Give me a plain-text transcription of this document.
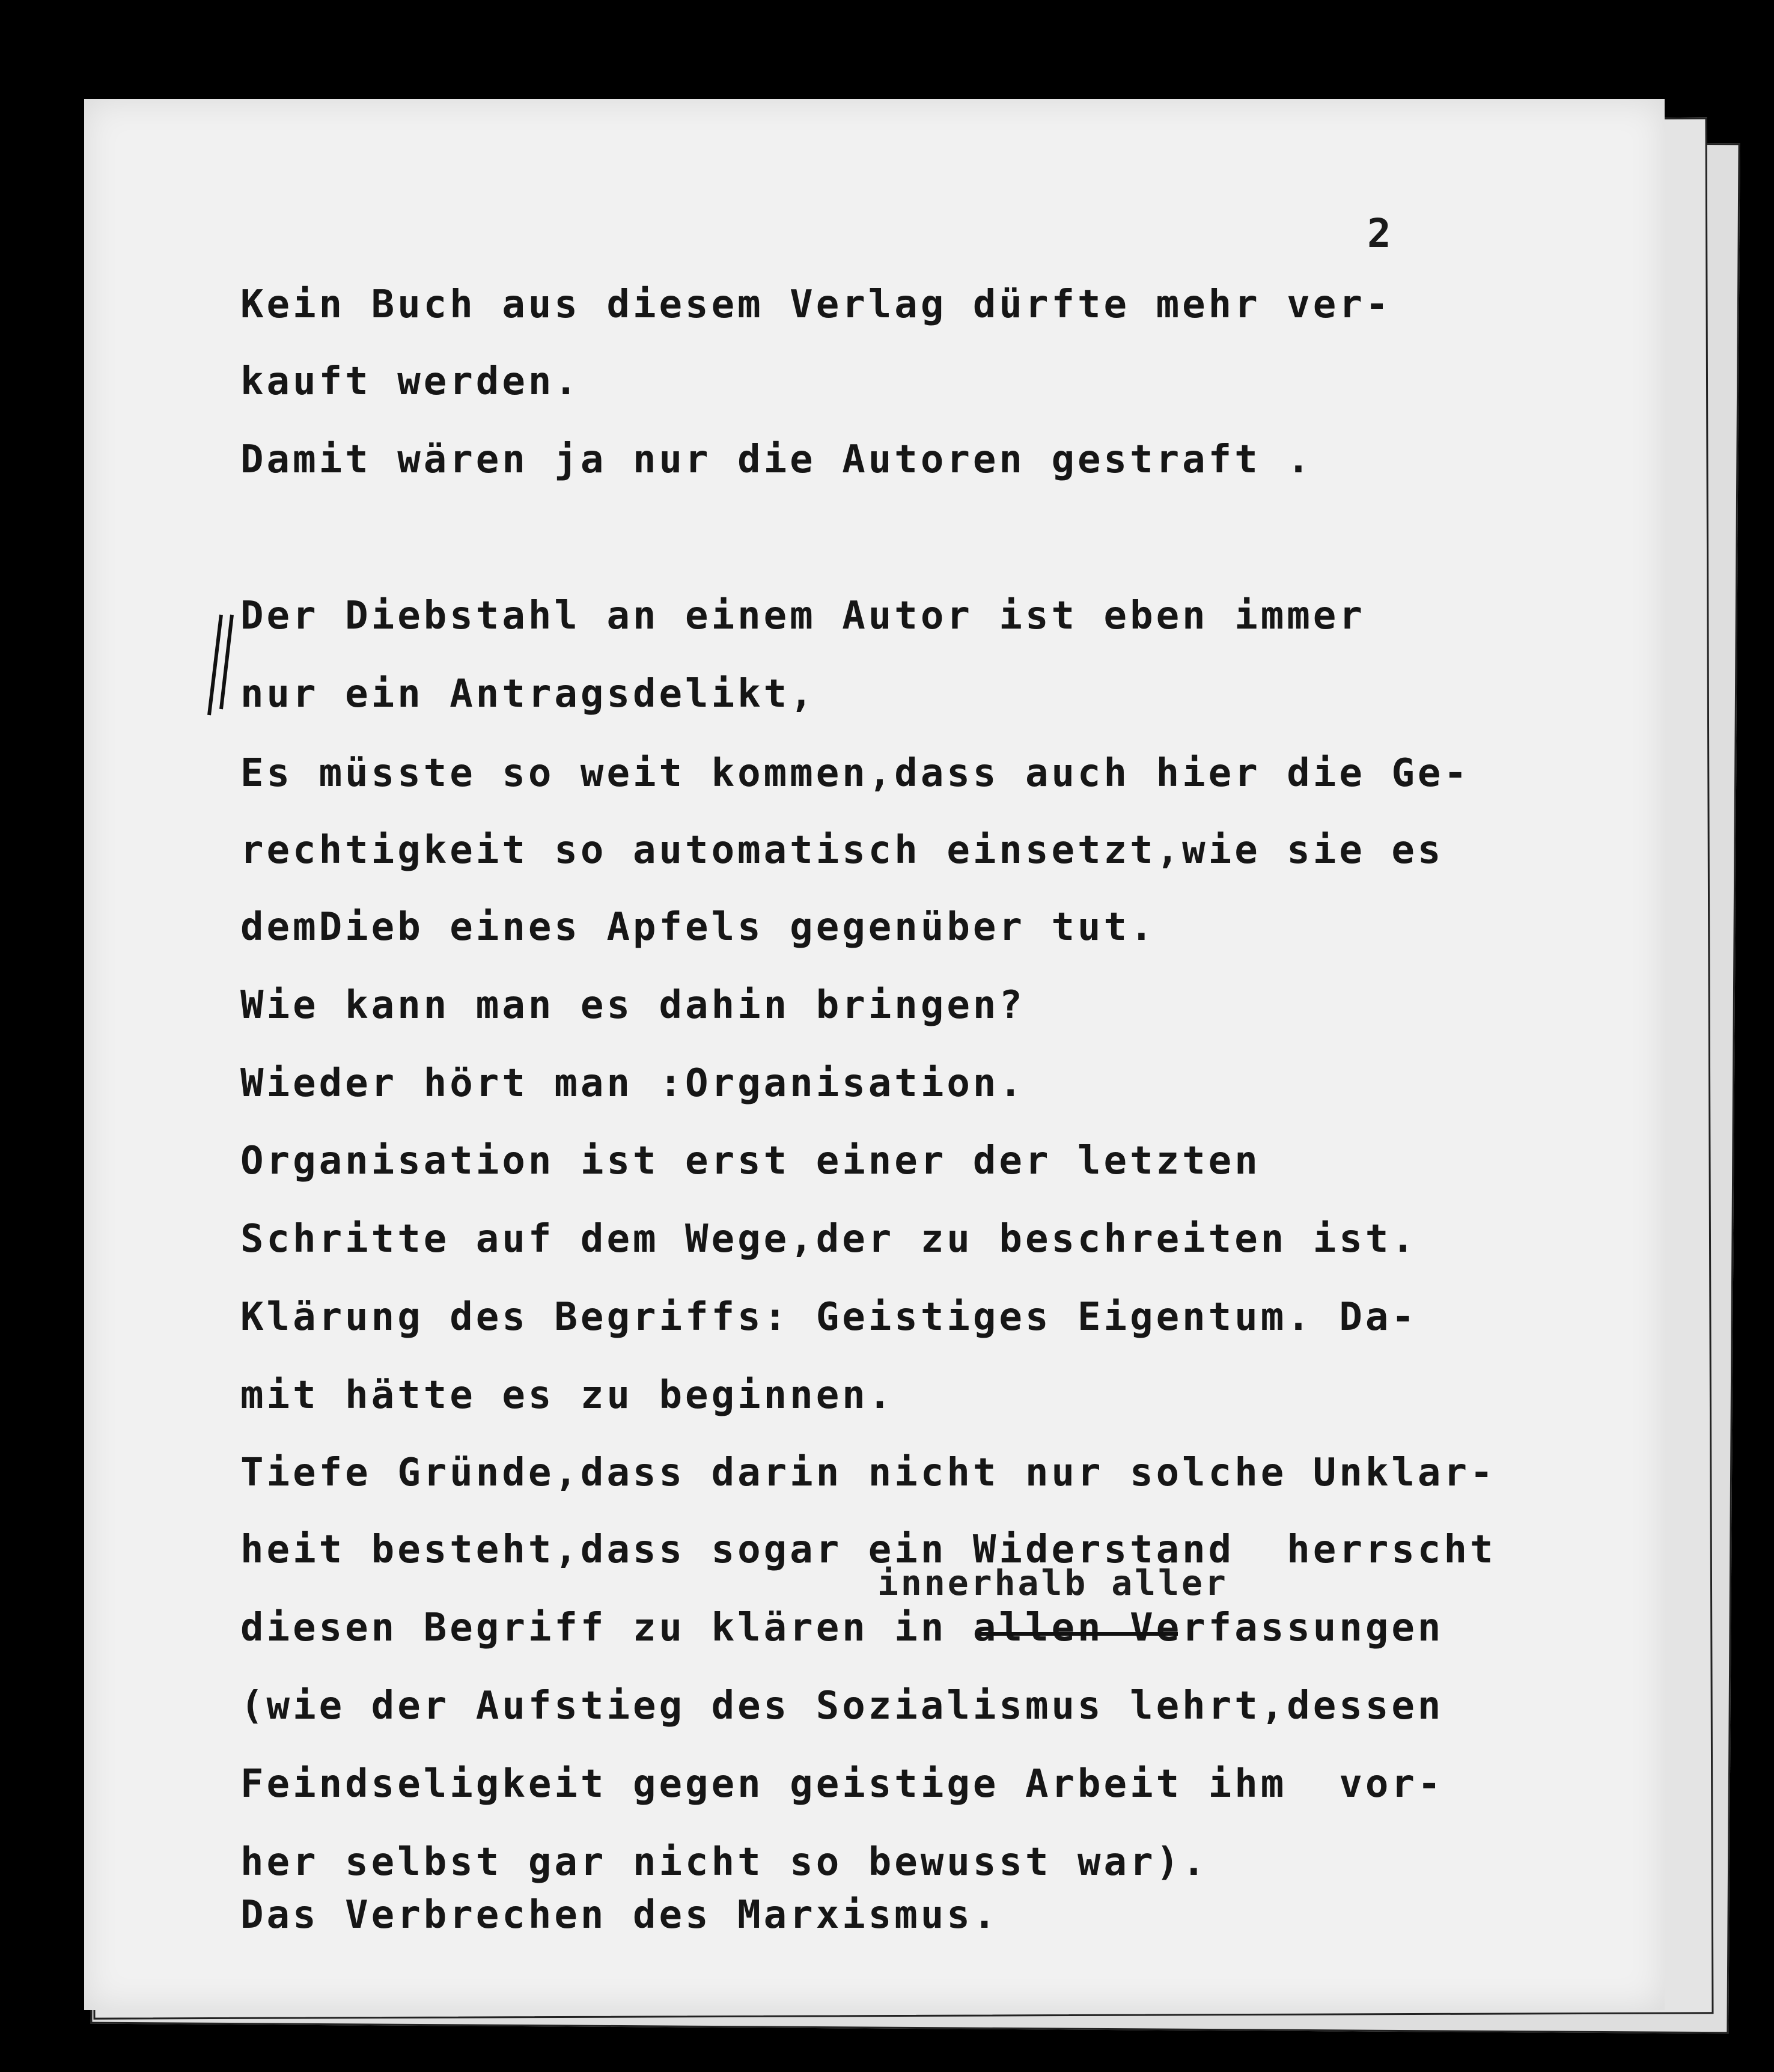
2
Kein Buch aus diesem Verlag dürfte mehr ver-
kauft werden.
Damit wären ja nur die Autoren gestraft .
Der Diebstahl an einem Autor ist eben immer
nur ein Antragsdelikt,
Es müsste so weit kommen,dass auch hier die Ge-
rechtigkeit so automatisch einsetzt,wie sie es
demDieb eines Apfels gegenüber tut.
Wie kann man es dahin bringen?
Wieder hört man :Organisation.
Organisation ist erst einer der letzten
Schritte auf dem Wege,der zu beschreiten ist.
Klärung des Begriffs: Geistiges Eigentum. Da-
mit hätte es zu beginnen.
Tiefe Gründe,dass darin nicht nur solche Unklar-
heit besteht,dass sogar ein Widerstand  herrscht
innerhalb aller
diesen Begriff zu klären in allen Verfassungen
(wie der Aufstieg des Sozialismus lehrt,dessen
Feindseligkeit gegen geistige Arbeit ihm  vor-
her selbst gar nicht so bewusst war).
Das Verbrechen des Marxismus.
